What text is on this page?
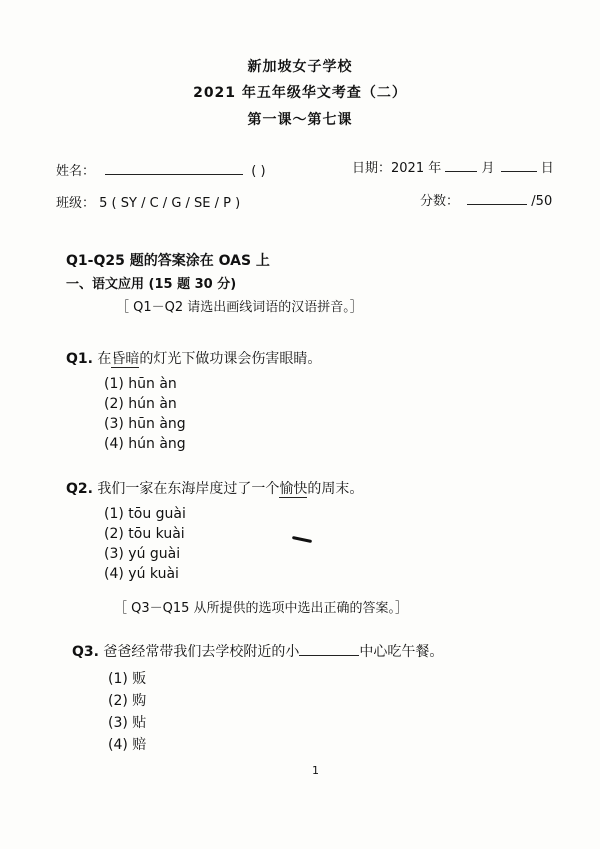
新加坡女子学校
2021 年五年级华文考查（二）
第一课～第七课
姓名：	( )	日期：2021 年	月	日
班级： 5 ( SY / C / G / SE / P )	分数：	/50
Q1-Q25 题的答案涂在 OAS 上
一、语文应用 (15 题 30 分)
［ Q1－Q2 请选出画线词语的汉语拼音。］
Q1. 在昏暗的灯光下做功课会伤害眼睛。
(1) hūn àn
(2) hún àn
(3) hūn àng
(4) hún àng
Q2. 我们一家在东海岸度过了一个愉快的周末。
(1) tōu guài
(2) tōu kuài
(3) yú guài
(4) yú kuài
［ Q3－Q15 从所提供的选项中选出正确的答案。］
Q3. 爸爸经常带我们去学校附近的小	中心吃午餐。
(1) 贩
(2) 购
(3) 贴
(4) 赔
1
